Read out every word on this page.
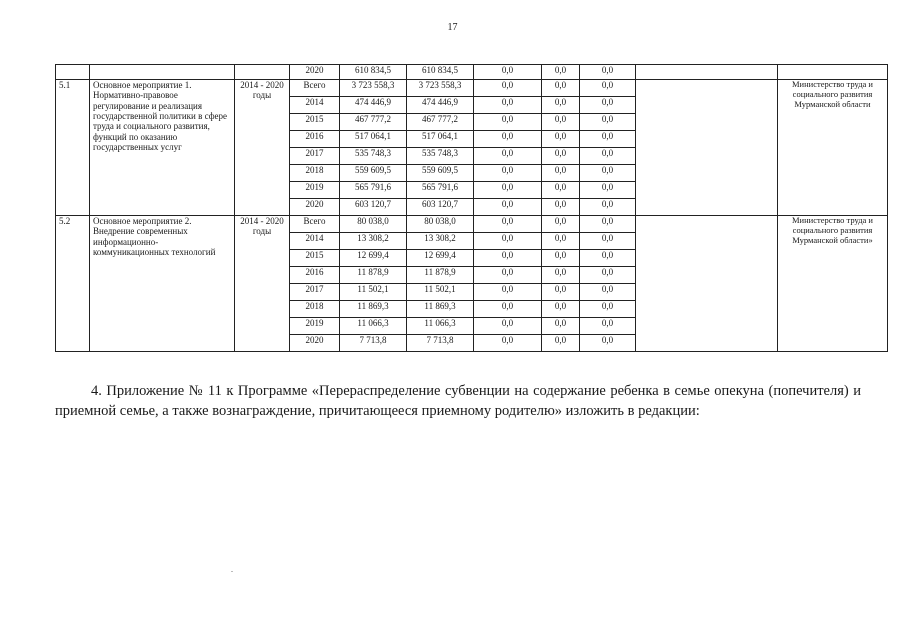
17
			2020	610 834,5	610 834,5	0,0	0,0	0,0		
5.1	Основное мероприятие 1. Нормативно-правовое регулирование и реализация государственной политики в сфере труда и социального развития, функций по оказанию государственных услуг	2014 - 2020 годы	Всего	3 723 558,3	3 723 558,3	0,0	0,0	0,0		Министерство труда и социального развития Мурманской области
			2014	474 446,9	474 446,9	0,0	0,0	0,0		
			2015	467 777,2	467 777,2	0,0	0,0	0,0		
			2016	517 064,1	517 064,1	0,0	0,0	0,0		
			2017	535 748,3	535 748,3	0,0	0,0	0,0		
			2018	559 609,5	559 609,5	0,0	0,0	0,0		
			2019	565 791,6	565 791,6	0,0	0,0	0,0		
			2020	603 120,7	603 120,7	0,0	0,0	0,0		
5.2	Основное мероприятие 2. Внедрение современных информационно-коммуникационных технологий	2014 - 2020 годы	Всего	80 038,0	80 038,0	0,0	0,0	0,0		Министерство труда и социального развития Мурманской области»
			2014	13 308,2	13 308,2	0,0	0,0	0,0		
			2015	12 699,4	12 699,4	0,0	0,0	0,0		
			2016	11 878,9	11 878,9	0,0	0,0	0,0		
			2017	11 502,1	11 502,1	0,0	0,0	0,0		
			2018	11 869,3	11 869,3	0,0	0,0	0,0		
			2019	11 066,3	11 066,3	0,0	0,0	0,0		
			2020	7 713,8	7 713,8	0,0	0,0	0,0		

4. Приложение № 11 к Программе «Перераспределение субвенции на содержание ребенка в семье опекуна (попечителя) и приемной семье, а также вознаграждение, причитающееся приемному родителю» изложить в редакции:
